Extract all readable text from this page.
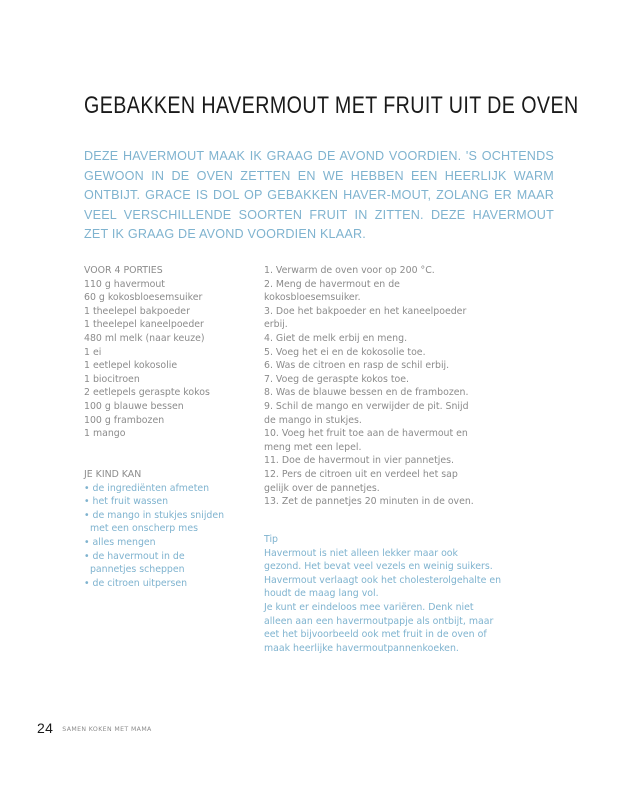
GEBAKKEN HAVERMOUT MET FRUIT UIT DE OVEN

DEZE HAVERMOUT MAAK IK GRAAG DE AVOND VOORDIEN. 'S OCHTENDS GEWOON IN DE OVEN ZETTEN EN WE HEBBEN EEN HEERLIJK WARM ONTBIJT. GRACE IS DOL OP GEBAKKEN HAVER-MOUT, ZOLANG ER MAAR VEEL VERSCHILLENDE SOORTEN FRUIT IN ZITTEN. DEZE HAVERMOUT ZET IK GRAAG DE AVOND VOORDIEN KLAAR.

VOOR 4 PORTIES
110 g havermout
60 g kokosbloesemsuiker
1 theelepel bakpoeder
1 theelepel kaneelpoeder
480 ml melk (naar keuze)
1 ei
1 eetlepel kokosolie
1 biocitroen
2 eetlepels geraspte kokos
100 g blauwe bessen
100 g frambozen
1 mango
JE KIND KAN
• de ingrediënten afmeten
• het fruit wassen
• de mango in stukjes snijden
met een onscherp mes
• alles mengen
• de havermout in de
pannetjes scheppen
• de citroen uitpersen
1. Verwarm de oven voor op 200 °C.
2. Meng de havermout en de
kokosbloesemsuiker.
3. Doe het bakpoeder en het kaneelpoeder
erbij.
4. Giet de melk erbij en meng.
5. Voeg het ei en de kokosolie toe.
6. Was de citroen en rasp de schil erbij.
7. Voeg de geraspte kokos toe.
8. Was de blauwe bessen en de frambozen.
9. Schil de mango en verwijder de pit. Snijd
de mango in stukjes.
10. Voeg het fruit toe aan de havermout en
meng met een lepel.
11. Doe de havermout in vier pannetjes.
12. Pers de citroen uit en verdeel het sap
gelijk over de pannetjes.
13. Zet de pannetjes 20 minuten in de oven.
Tip
Havermout is niet alleen lekker maar ook
gezond. Het bevat veel vezels en weinig suikers.
Havermout verlaagt ook het cholesterolgehalte en
houdt de maag lang vol.
Je kunt er eindeloos mee variëren. Denk niet
alleen aan een havermoutpapje als ontbijt, maar
eet het bijvoorbeeld ook met fruit in de oven of
maak heerlijke havermoutpannenkoeken.
24 SAMEN KOKEN MET MAMA
